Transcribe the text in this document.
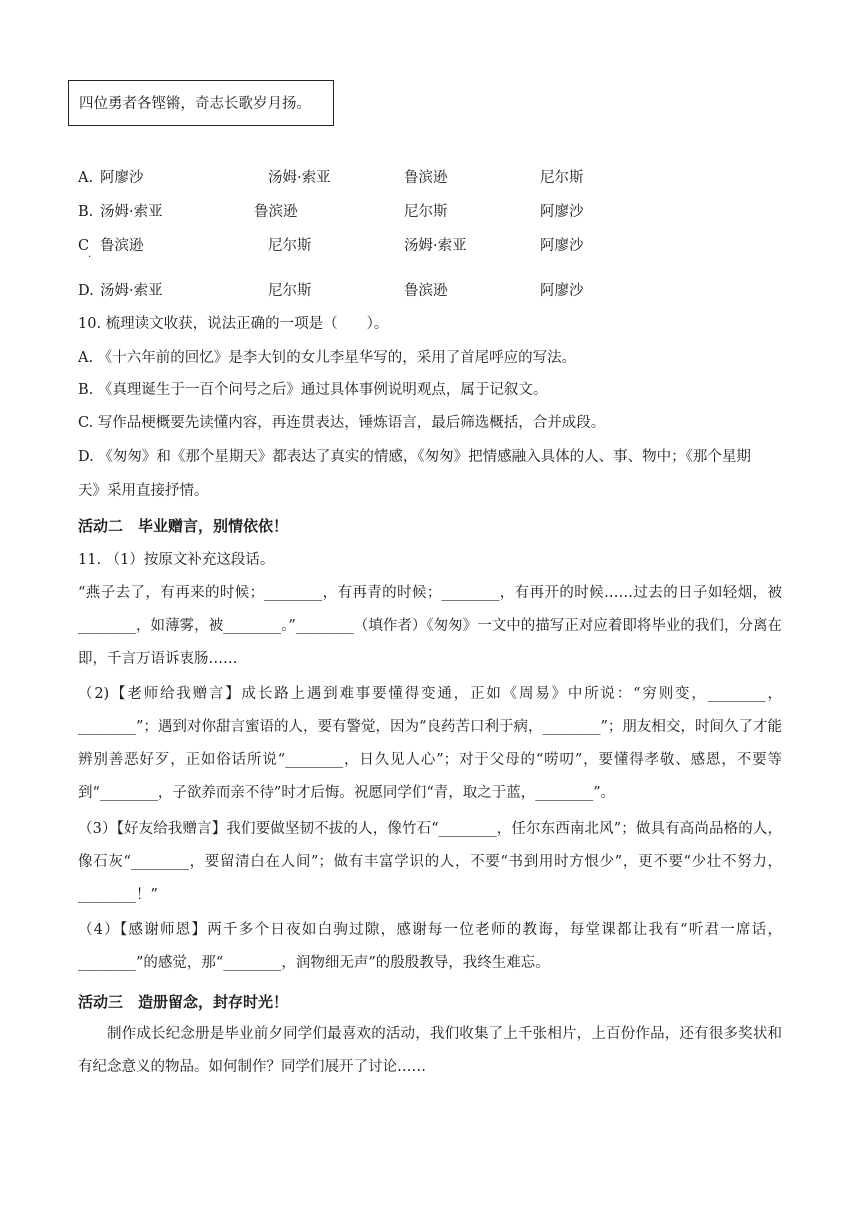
四位勇者各铿锵，奇志长歌岁月扬。
A. 阿廖沙	汤姆·索亚	鲁滨逊	尼尔斯
B. 汤姆·索亚	鲁滨逊	尼尔斯	阿廖沙
C 鲁滨逊	尼尔斯	汤姆·索亚	阿廖沙
·
D. 汤姆·索亚	尼尔斯	鲁滨逊	阿廖沙
10. 梳理读文收获，说法正确的一项是（　　）。
A. 《十六年前的回忆》是李大钊的女儿李星华写的，采用了首尾呼应的写法。
B. 《真理诞生于一百个问号之后》通过具体事例说明观点，属于记叙文。
C. 写作品梗概要先读懂内容，再连贯表达，锤炼语言，最后筛选概括，合并成段。
D. 《匆匆》和《那个星期天》都表达了真实的情感，《匆匆》把情感融入具体的人、事、物中；《那个星期
天》采用直接抒情。
活动二　毕业赠言，别情依依！
11. （1）按原文补充这段话。
“燕子去了，有再来的时候；________，有再青的时候；________，有再开的时候……过去的日子如轻烟，被________，如薄雾，被________。”________（填作者）《匆匆》一文中的描写正对应着即将毕业的我们，分离在即，千言万语诉衷肠……
（2)【老师给我赠言】成长路上遇到难事要懂得变通，正如《周易》中所说：“穷则变，________，________”；遇到对你甜言蜜语的人，要有警觉，因为“良药苦口利于病，________”；朋友相交，时间久了才能辨别善恶好歹，正如俗话所说“________，日久见人心”；对于父母的“唠叨”，要懂得孝敬、感恩，不要等到“________，子欲养而亲不待”时才后悔。祝愿同学们“青，取之于蓝，________”。
（3）【好友给我赠言】我们要做坚韧不拔的人，像竹石“________，任尔东西南北风”；做具有高尚品格的人，像石灰“________，要留清白在人间”；做有丰富学识的人，不要“书到用时方恨少”，更不要“少壮不努力，________！”
（4）【感谢师恩】两千多个日夜如白驹过隙，感谢每一位老师的教诲，每堂课都让我有“听君一席话，________”的感觉，那“________，润物细无声”的殷殷教导，我终生难忘。
活动三　造册留念，封存时光！
制作成长纪念册是毕业前夕同学们最喜欢的活动，我们收集了上千张相片，上百份作品，还有很多奖状和有纪念意义的物品。如何制作？同学们展开了讨论……
